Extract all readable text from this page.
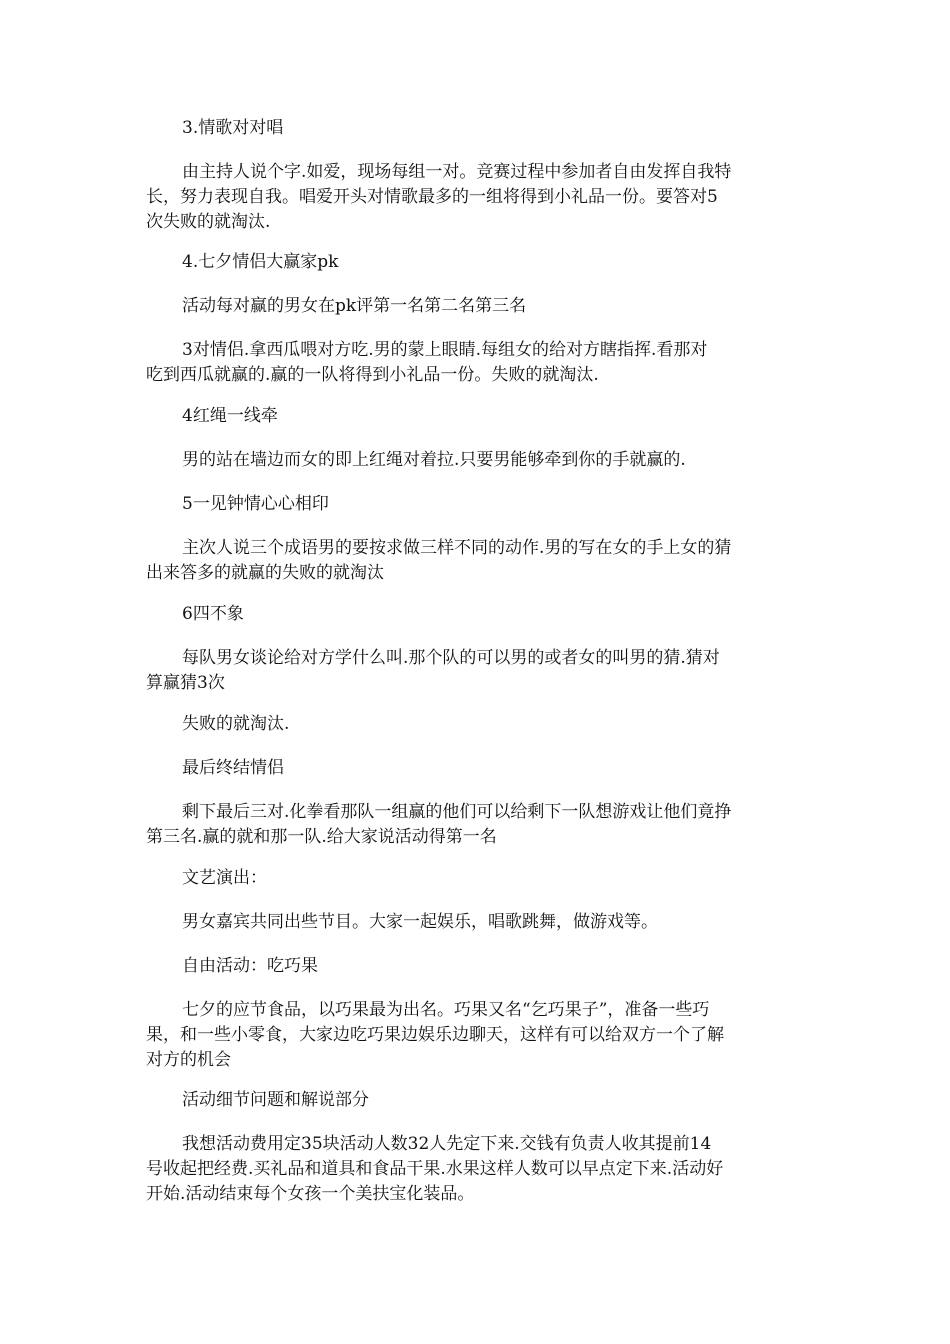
3.情歌对对唱

由主持人说个字.如爱，现场每组一对。竞赛过程中参加者自由发挥自我特
长，努力表现自我。唱爱开头对情歌最多的一组将得到小礼品一份。要答对5
次失败的就淘汰.

4.七夕情侣大赢家pk

活动每对赢的男女在pk评第一名第二名第三名

3对情侣.拿西瓜喂对方吃.男的蒙上眼睛.每组女的给对方瞎指挥.看那对
吃到西瓜就赢的.赢的一队将得到小礼品一份。失败的就淘汰.

4红绳一线牵

男的站在墙边而女的即上红绳对着拉.只要男能够牵到你的手就赢的.

5一见钟情心心相印

主次人说三个成语男的要按求做三样不同的动作.男的写在女的手上女的猜
出来答多的就赢的失败的就淘汰

6四不象

每队男女谈论给对方学什么叫.那个队的可以男的或者女的叫男的猜.猜对
算赢猜3次

失败的就淘汰.

最后终结情侣

剩下最后三对.化拳看那队一组赢的他们可以给剩下一队想游戏让他们竟挣
第三名.赢的就和那一队.给大家说活动得第一名

文艺演出：

男女嘉宾共同出些节目。大家一起娱乐，唱歌跳舞，做游戏等。

自由活动：吃巧果

七夕的应节食品，以巧果最为出名。巧果又名“乞巧果子”，准备一些巧
果，和一些小零食，大家边吃巧果边娱乐边聊天，这样有可以给双方一个了解
对方的机会

活动细节问题和解说部分

我想活动费用定35块活动人数32人先定下来.交钱有负责人收其提前14
号收起把经费.买礼品和道具和食品干果.水果这样人数可以早点定下来.活动好
开始.活动结束每个女孩一个美扶宝化装品。
